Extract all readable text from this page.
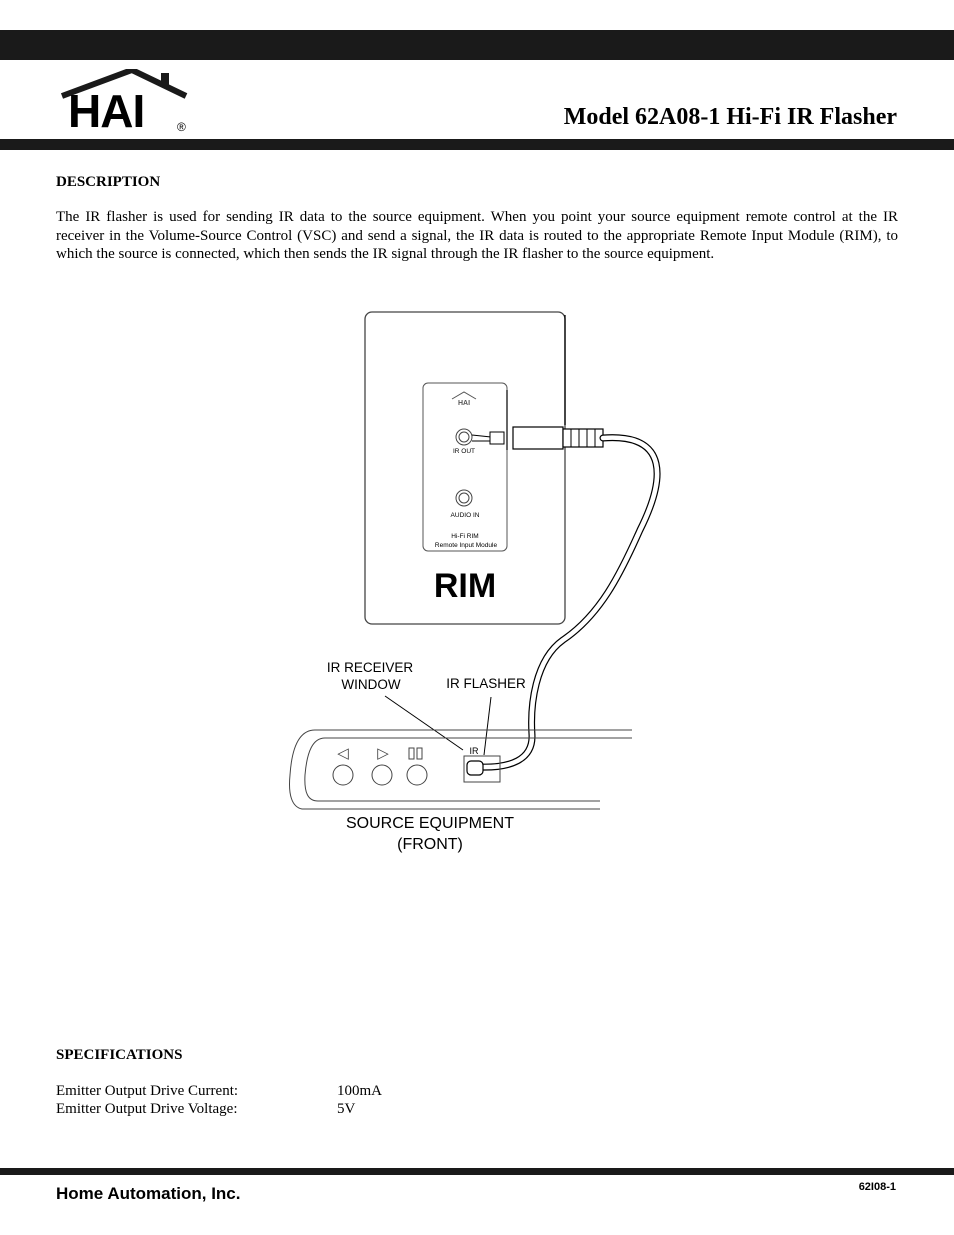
HAI	®	Model 62A08-1 Hi-Fi IR Flasher
DESCRIPTION
The IR flasher is used for sending IR data to the source equipment. When you point your source equipment remote control at the IR receiver in the Volume-Source Control (VSC) and send a signal, the IR data is routed to the appropriate Remote Input Module (RIM), to which the source is connected, which then sends the IR signal through the IR flasher to the source equipment.
HAI
IR OUT
AUDIO IN
Hi-Fi RIM
Remote Input Module
RIM
IR RECEIVER
WINDOW	IR FLASHER
◁ ▷	IR
SOURCE EQUIPMENT
(FRONT)
SPECIFICATIONS
Emitter Output Drive Current:	100mA
Emitter Output Drive Voltage:	5V
Home Automation, Inc.	62I08-1
